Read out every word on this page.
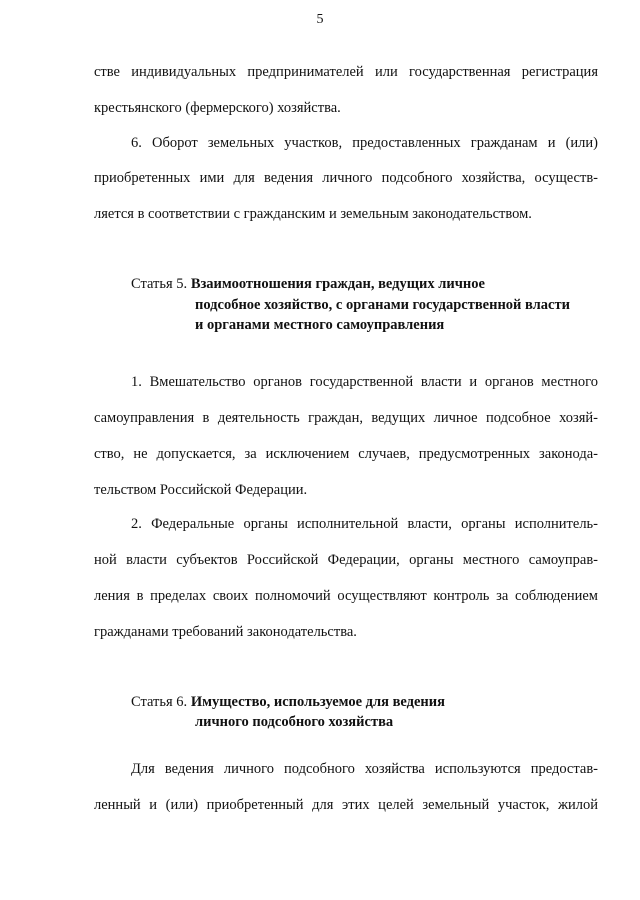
5
стве индивидуальных предпринимателей или государственная регистрация
крестьянского (фермерского) хозяйства.
6. Оборот земельных участков, предоставленных гражданам и (или)
приобретенных ими для ведения личного подсобного хозяйства, осуществ-
ляется в соответствии с гражданским и земельным законодательством.
Статья 5. Взаимоотношения граждан, ведущих личное
подсобное хозяйство, с органами государственной власти
и органами местного самоуправления
1. Вмешательство органов государственной власти и органов местного
самоуправления в деятельность граждан, ведущих личное подсобное хозяй-
ство, не допускается, за исключением случаев, предусмотренных законода-
тельством Российской Федерации.
2. Федеральные органы исполнительной власти, органы исполнитель-
ной власти субъектов Российской Федерации, органы местного самоуправ-
ления в пределах своих полномочий осуществляют контроль за соблюдением
гражданами требований законодательства.
Статья 6. Имущество, используемое для ведения
личного подсобного хозяйства
Для ведения личного подсобного хозяйства используются предостав-
ленный и (или) приобретенный для этих целей земельный участок, жилой
